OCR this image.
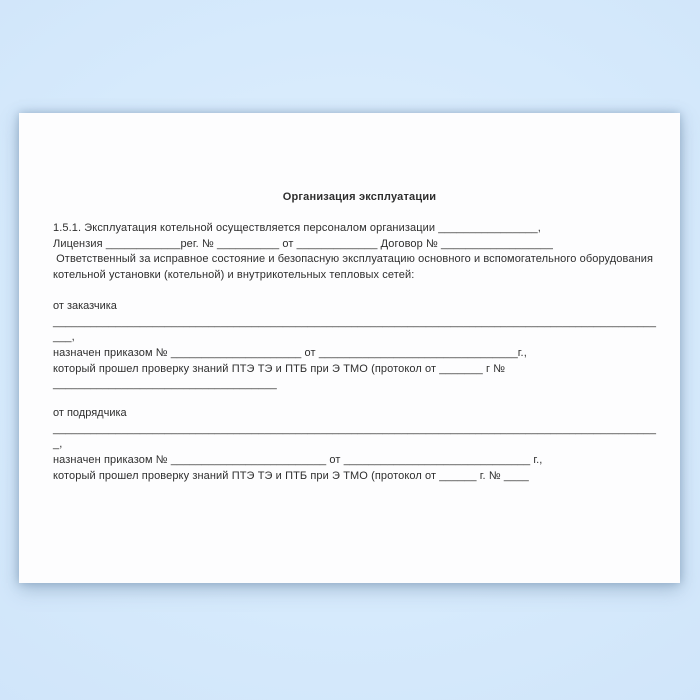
Организация эксплуатации
1.5.1. Эксплуатация котельной осуществляется персоналом организации ________________,
Лицензия ____________рег. № __________ от _____________ Договор № __________________
Ответственный за исправное состояние и безопасную эксплуатацию основного и вспомогательного оборудования
котельной установки (котельной) и внутрикотельных тепловых сетей:
от заказчика
_________________________________________________________________________________________________
___,
назначен приказом № _____________________ от ________________________________г.,
который прошел проверку знаний ПТЭ ТЭ и ПТБ при Э ТМО (протокол от _______ г №
____________________________________
от подрядчика
_________________________________________________________________________________________________
_,
назначен приказом № _________________________ от ______________________________ г.,
который прошел проверку знаний ПТЭ ТЭ и ПТБ при Э ТМО (протокол от ______ г. № ____
